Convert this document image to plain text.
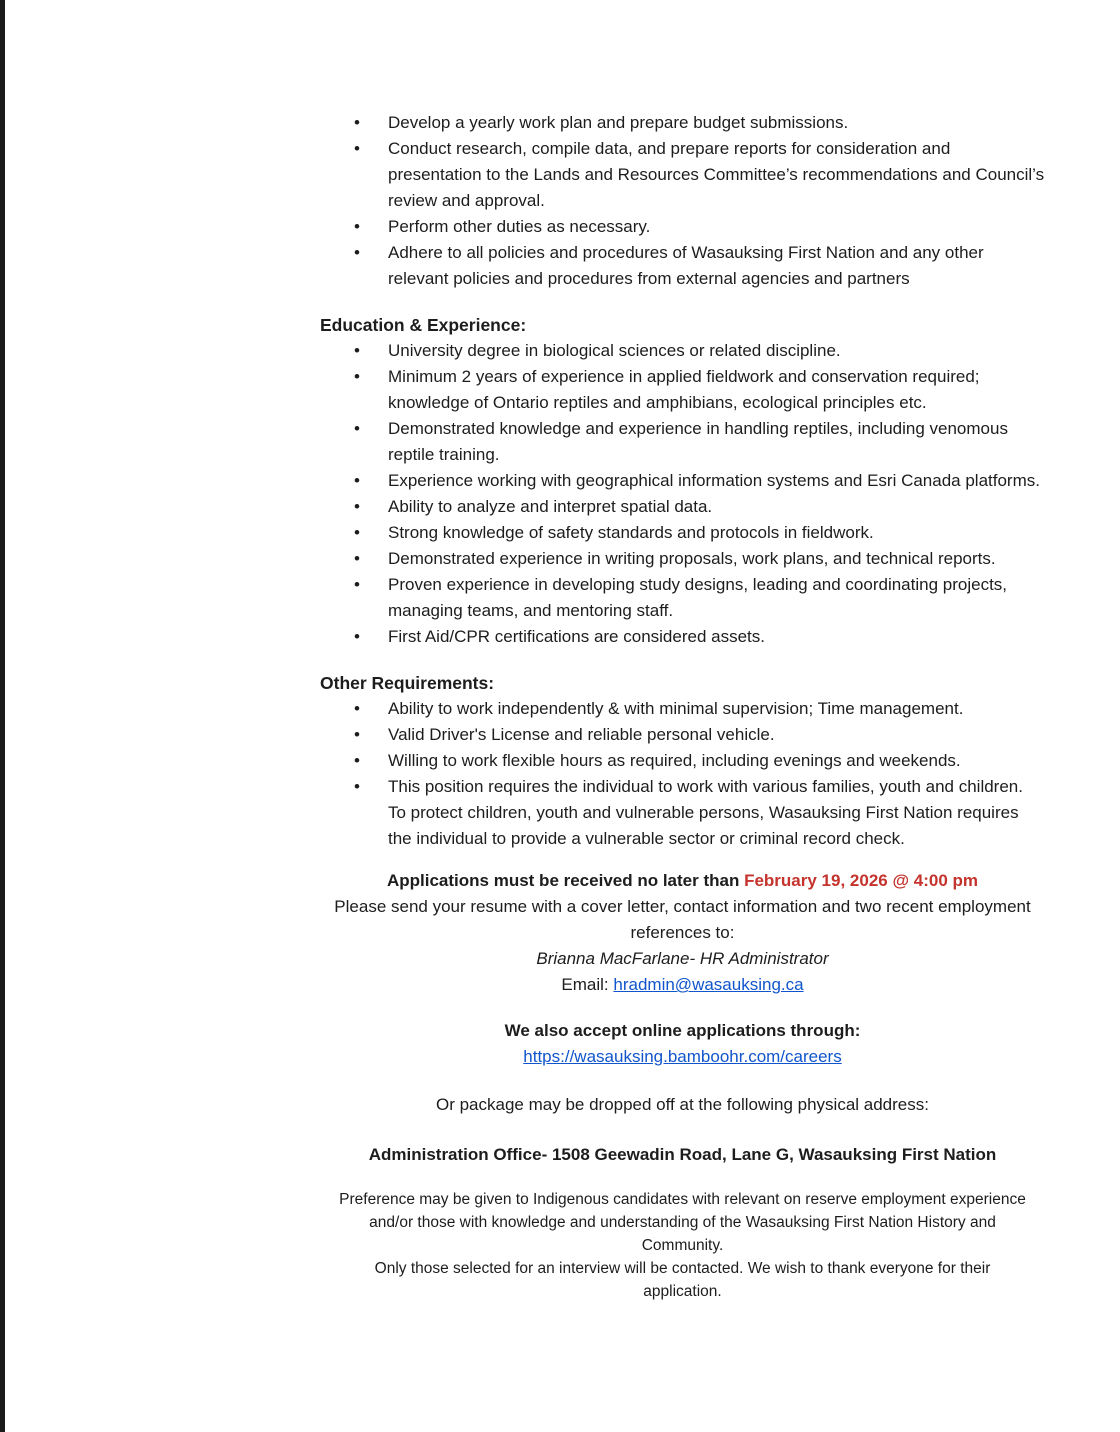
• Develop a yearly work plan and prepare budget submissions.
• Conduct research, compile data, and prepare reports for consideration and presentation to the Lands and Resources Committee’s recommendations and Council’s review and approval.
• Perform other duties as necessary.
• Adhere to all policies and procedures of Wasauksing First Nation and any other relevant policies and procedures from external agencies and partners
Education & Experience:
• University degree in biological sciences or related discipline.
• Minimum 2 years of experience in applied fieldwork and conservation required; knowledge of Ontario reptiles and amphibians, ecological principles etc.
• Demonstrated knowledge and experience in handling reptiles, including venomous reptile training.
• Experience working with geographical information systems and Esri Canada platforms.
• Ability to analyze and interpret spatial data.
• Strong knowledge of safety standards and protocols in fieldwork.
• Demonstrated experience in writing proposals, work plans, and technical reports.
• Proven experience in developing study designs, leading and coordinating projects, managing teams, and mentoring staff.
• First Aid/CPR certifications are considered assets.
Other Requirements:
• Ability to work independently & with minimal supervision; Time management.
• Valid Driver's License and reliable personal vehicle.
• Willing to work flexible hours as required, including evenings and weekends.
• This position requires the individual to work with various families, youth and children. To protect children, youth and vulnerable persons, Wasauksing First Nation requires the individual to provide a vulnerable sector or criminal record check.

Applications must be received no later than February 19, 2026 @ 4:00 pm

Please send your resume with a cover letter, contact information and two recent employment references to:

Brianna MacFarlane- HR Administrator

Email: hradmin@wasauksing.ca

We also accept online applications through:

https://wasauksing.bamboohr.com/careers

Or package may be dropped off at the following physical address:

Administration Office- 1508 Geewadin Road, Lane G, Wasauksing First Nation

Preference may be given to Indigenous candidates with relevant on reserve employment experience and/or those with knowledge and understanding of the Wasauksing First Nation History and Community.

Only those selected for an interview will be contacted. We wish to thank everyone for their application.
